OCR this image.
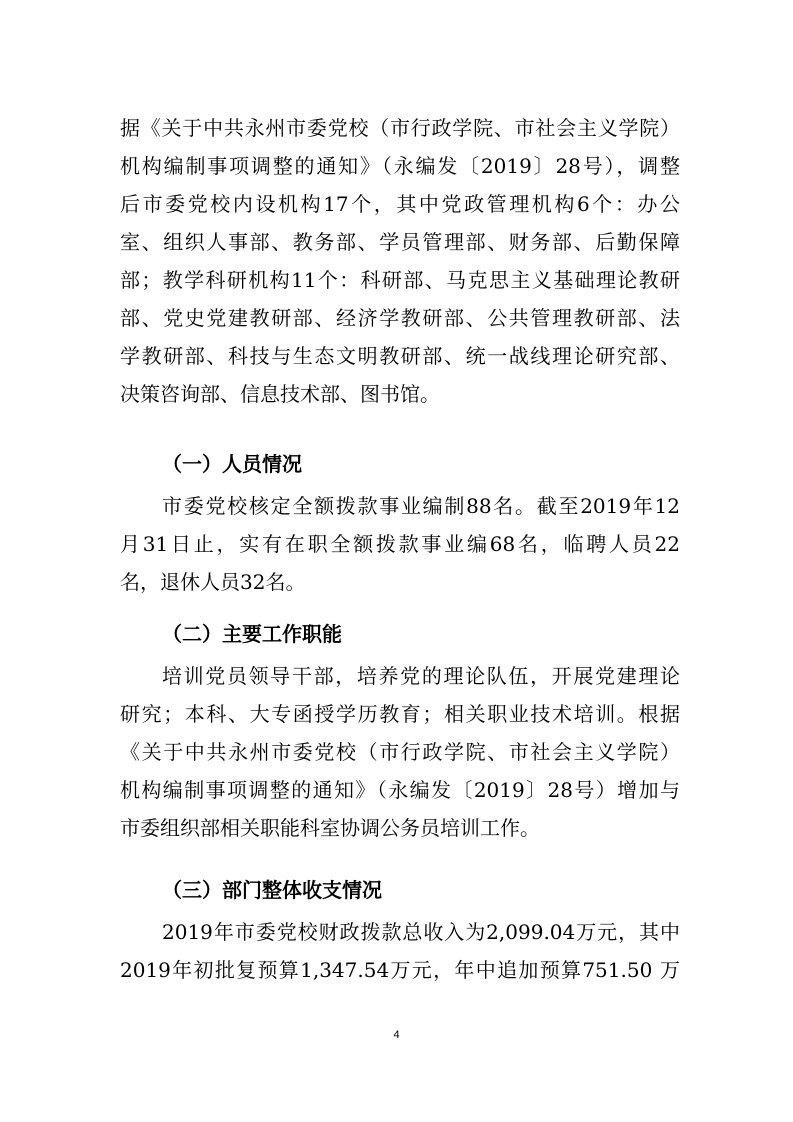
据《关于中共永州市委党校（市行政学院、市社会主义学院）
机构编制事项调整的通知》（永编发〔2019〕28号），调整
后市委党校内设机构17个，其中党政管理机构6个：办公
室、组织人事部、教务部、学员管理部、财务部、后勤保障
部；教学科研机构11个：科研部、马克思主义基础理论教研
部、党史党建教研部、经济学教研部、公共管理教研部、法
学教研部、科技与生态文明教研部、统一战线理论研究部、
决策咨询部、信息技术部、图书馆。
（一）人员情况
市委党校核定全额拨款事业编制88名。截至2019年12
月31日止，实有在职全额拨款事业编68名，临聘人员22
名，退休人员32名。
（二）主要工作职能
培训党员领导干部，培养党的理论队伍，开展党建理论
研究；本科、大专函授学历教育；相关职业技术培训。根据
《关于中共永州市委党校（市行政学院、市社会主义学院）
机构编制事项调整的通知》（永编发〔2019〕28号）增加与
市委组织部相关职能科室协调公务员培训工作。
（三）部门整体收支情况
2019年市委党校财政拨款总收入为2,099.04万元，其中
2019年初批复预算1,347.54万元，年中追加预算751.50 万
4
